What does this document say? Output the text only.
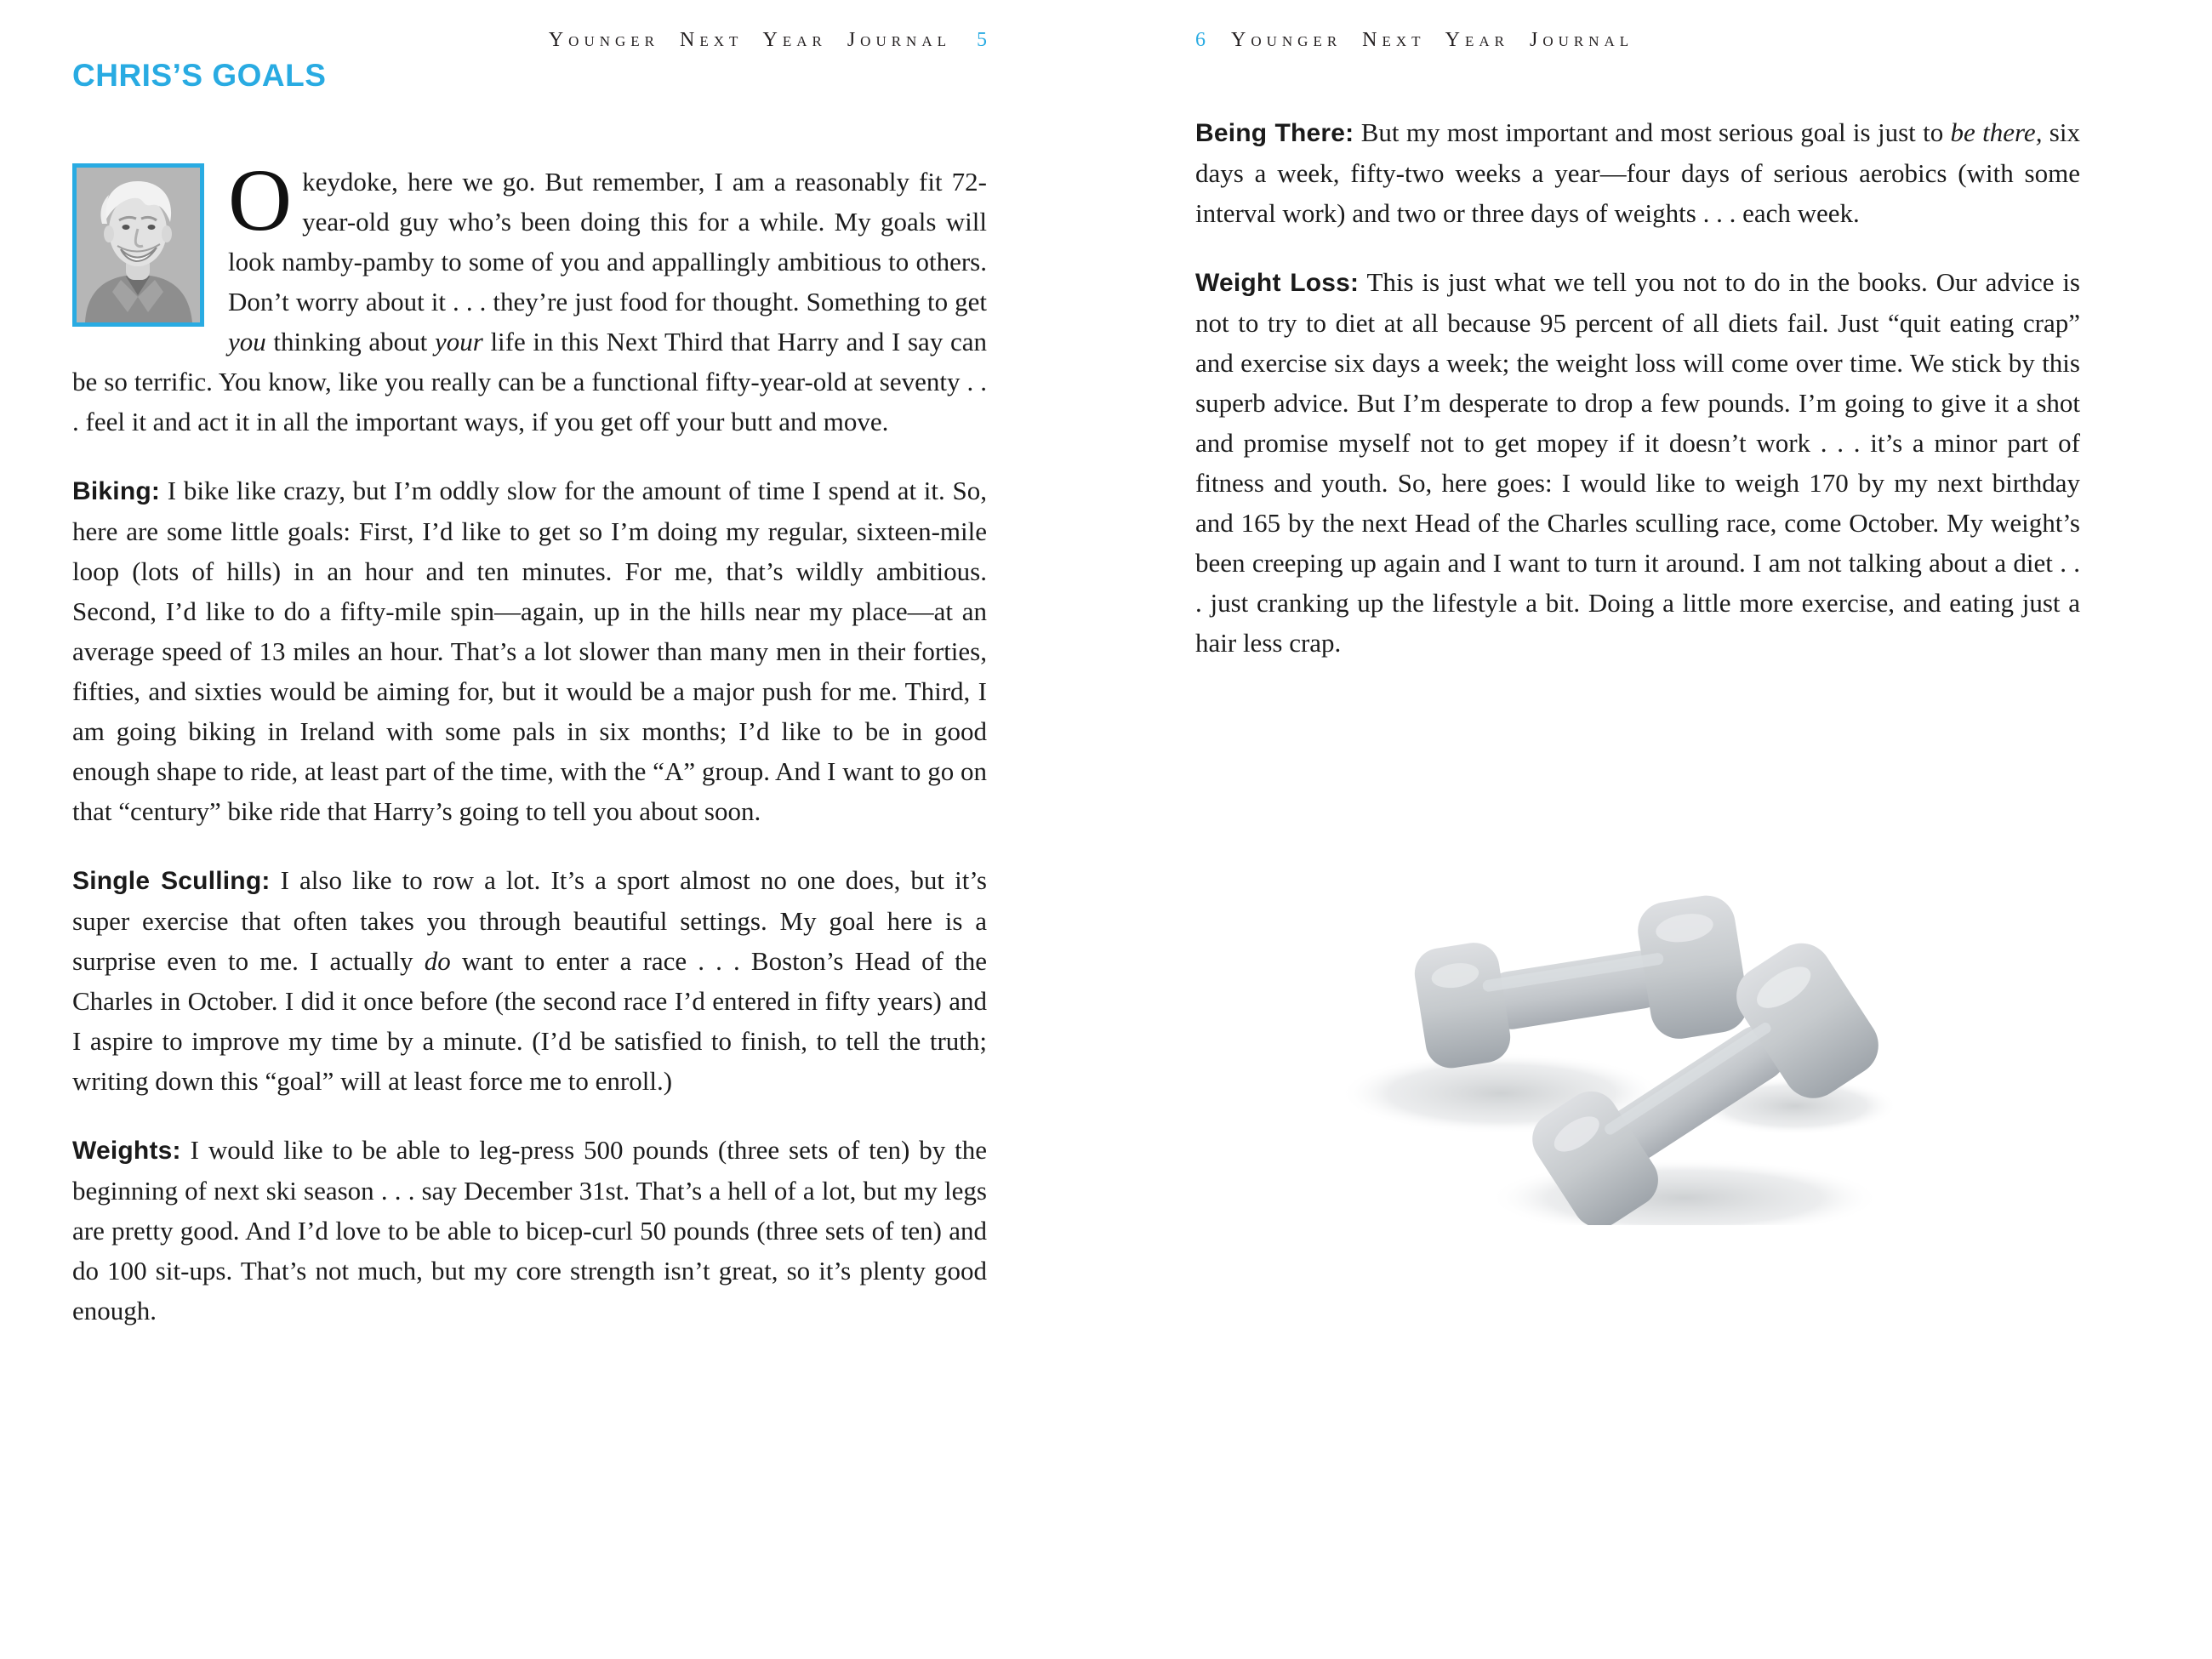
Younger Next Year Journal  5
CHRIS’S GOALS

Okeydoke, here we go. But remember, I am a reasonably fit 72-year-old guy who’s been doing this for a while. My goals will look namby-pamby to some of you and appallingly ambitious to others. Don’t worry about it . . . they’re just food for thought. Something to get you thinking about your life in this Next Third that Harry and I say can be so terrific. You know, like you really can be a functional fifty-year-old at seventy . . . feel it and act it in all the important ways, if you get off your butt and move.

Biking: I bike like crazy, but I’m oddly slow for the amount of time I spend at it. So, here are some little goals: First, I’d like to get so I’m doing my regular, sixteen-mile loop (lots of hills) in an hour and ten minutes. For me, that’s wildly ambitious. Second, I’d like to do a fifty-mile spin—again, up in the hills near my place—at an average speed of 13 miles an hour. That’s a lot slower than many men in their forties, fifties, and sixties would be aiming for, but it would be a major push for me. Third, I am going biking in Ireland with some pals in six months; I’d like to be in good enough shape to ride, at least part of the time, with the “A” group. And I want to go on that “century” bike ride that Harry’s going to tell you about soon.

Single Sculling: I also like to row a lot. It’s a sport almost no one does, but it’s super exercise that often takes you through beautiful settings. My goal here is a surprise even to me. I actually do want to enter a race . . . Boston’s Head of the Charles in October. I did it once before (the second race I’d entered in fifty years) and I aspire to improve my time by a minute. (I’d be satisfied to finish, to tell the truth; writing down this “goal” will at least force me to enroll.)

Weights: I would like to be able to leg-press 500 pounds (three sets of ten) by the beginning of next ski season . . . say December 31st. That’s a hell of a lot, but my legs are pretty good. And I’d love to be able to bicep-curl 50 pounds (three sets of ten) and do 100 sit-ups. That’s not much, but my core strength isn’t great, so it’s plenty good enough.

6  Younger Next Year Journal

Being There: But my most important and most serious goal is just to be there, six days a week, fifty-two weeks a year—four days of serious aerobics (with some interval work) and two or three days of weights . . . each week.

Weight Loss: This is just what we tell you not to do in the books. Our advice is not to try to diet at all because 95 percent of all diets fail. Just “quit eating crap” and exercise six days a week; the weight loss will come over time. We stick by this superb advice. But I’m desperate to drop a few pounds. I’m going to give it a shot and promise myself not to get mopey if it doesn’t work . . . it’s a minor part of fitness and youth. So, here goes: I would like to weigh 170 by my next birthday and 165 by the next Head of the Charles sculling race, come October. My weight’s been creeping up again and I want to turn it around. I am not talking about a diet . . . just cranking up the lifestyle a bit. Doing a little more exercise, and eating just a hair less crap.
